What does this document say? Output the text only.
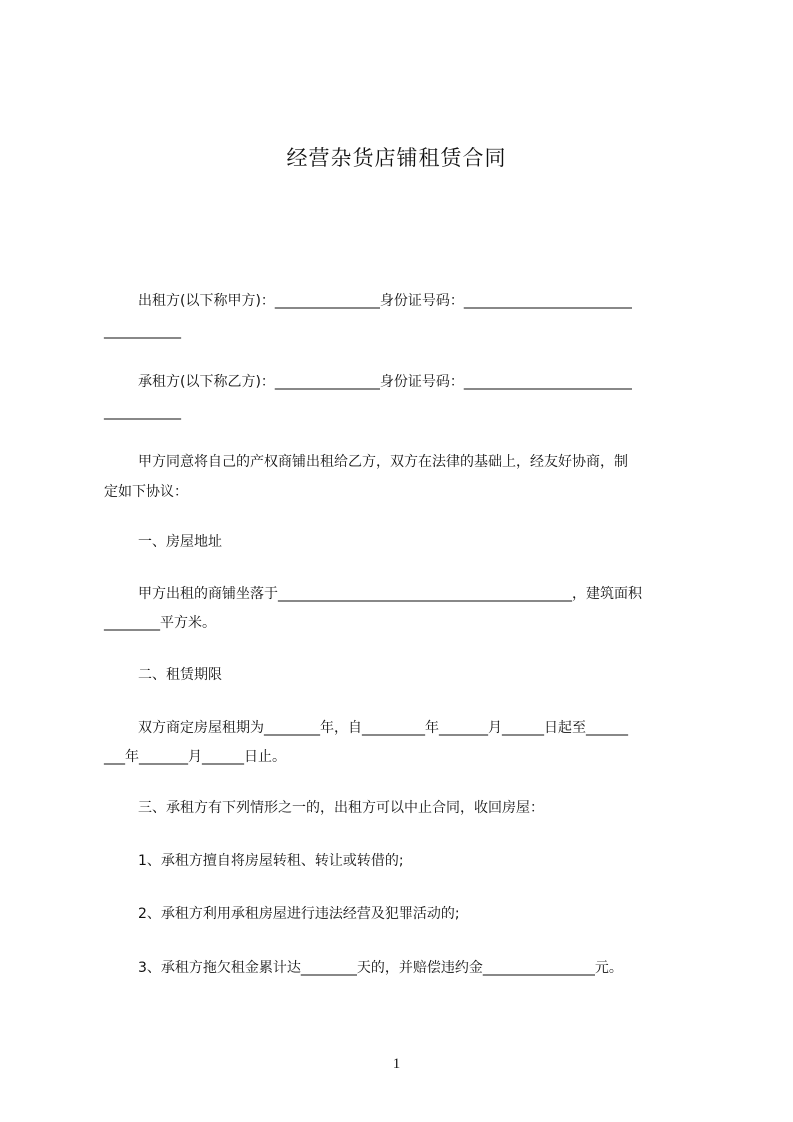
经营杂货店铺租赁合同
出租方(以下称甲方)：_______________身份证号码：________________________
___________
承租方(以下称乙方)：_______________身份证号码：________________________
___________
甲方同意将自己的产权商铺出租给乙方，双方在法律的基础上，经友好协商，制
定如下协议：
一、房屋地址
甲方出租的商铺坐落于__________________________________________，建筑面积
________平方米。
二、租赁期限
双方商定房屋租期为________年，自_________年_______月______日起至______
___年_______月______日止。
三、承租方有下列情形之一的，出租方可以中止合同，收回房屋：
1、承租方擅自将房屋转租、转让或转借的;
2、承租方利用承租房屋进行违法经营及犯罪活动的;
3、承租方拖欠租金累计达________天的，并赔偿违约金________________元。
1
